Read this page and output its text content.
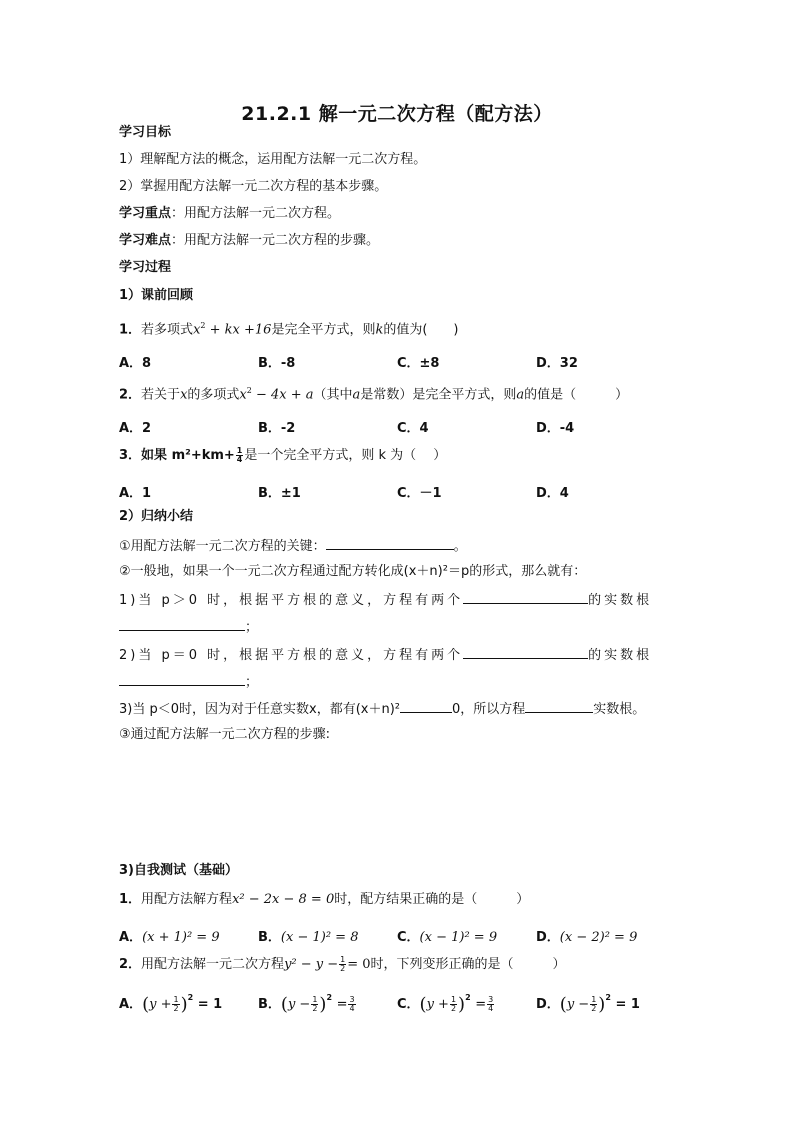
21.2.1 解一元二次方程（配方法）
学习目标
1）理解配方法的概念，运用配方法解一元二次方程。
2）掌握用配方法解一元二次方程的基本步骤。
学习重点：用配方法解一元二次方程。
学习难点：用配方法解一元二次方程的步骤。
学习过程
1）课前回顾
1．若多项式$x^2$ + kx +16是完全平方式，则k的值为(　　)
A．8	B．-8	C．±8	D．32
2．若关于x的多项式$x^2 - 4x + a$（其中a是常数）是完全平方式，则a的值是（　　　）
A．2	B．-2	C．4	D．-4
3．如果 $m^2+km+ \frac{1}{4}$ 是一个完全平方式，则 k 为（　 ）
A．1	B．±1	C．－1	D．4
2）归纳小结
①用配方法解一元二次方程的关键：	。
②一般地，如果一个一元二次方程通过配方转化成(x＋n)²＝p的形式，那么就有：
1)当 p＞0 时，根据平方根的意义，方程有两个	的实数根
；
2)当 p＝0 时，根据平方根的意义，方程有两个	的实数根
；
3)当 p＜0时，因为对于任意实数x，都有(x＋n)²	0，所以方程	实数根。
③通过配方法解一元二次方程的步骤:
3)自我测试（基础）
1．用配方法解方程x² − 2x − 8 = 0时，配方结果正确的是（　　　）
A．(x + 1)² = 9	B．(x − 1)² = 8	C．(x − 1)² = 9	D．(x − 2)² = 9
2．用配方法解一元二次方程$y^2 - y - \frac{1}{2} = 0$时，下列变形正确的是（　　　）
A．$(y + \frac{1}{2} )^2 = 1$	B．$(y - \frac{1}{2} )^2 = \frac{3}{4}$	C．$(y + \frac{1}{2} )^2 = \frac{3}{4}$	D．$(y - \frac{1}{2} )^2 = 1$
